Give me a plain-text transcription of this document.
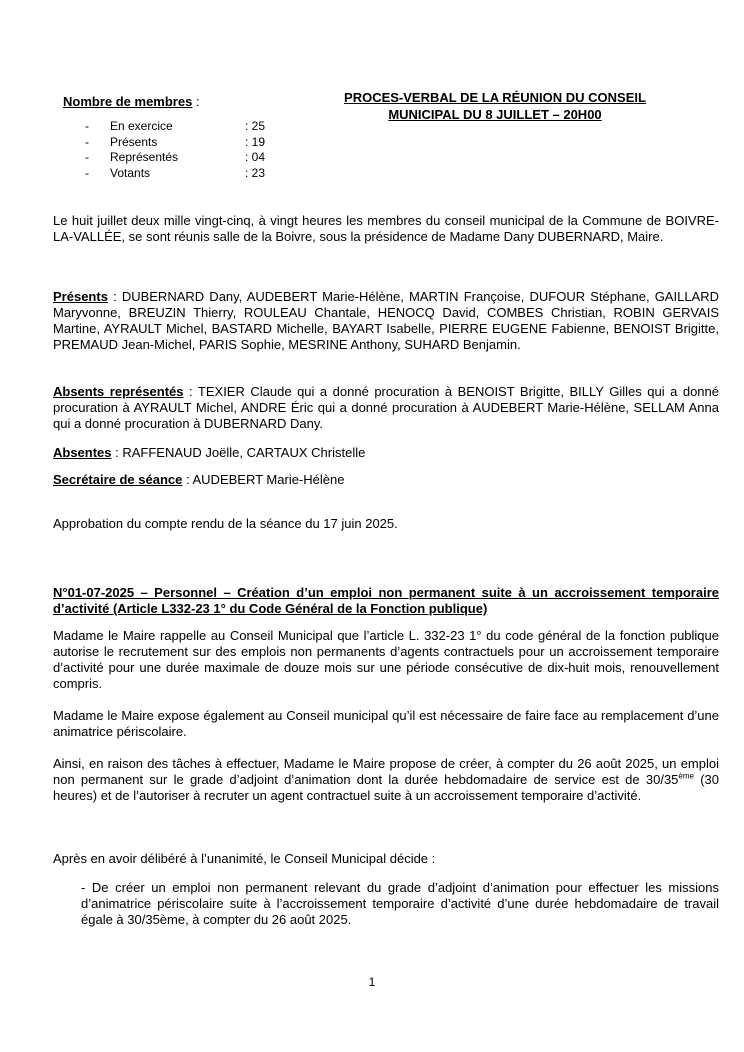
Nombre de membres :
-	En exercice	: 25
-	Présents	: 19
-	Représentés	: 04
-	Votants	: 23
PROCES-VERBAL DE LA RÉUNION DU CONSEIL
MUNICIPAL DU 8 JUILLET – 20H00
Le huit juillet deux mille vingt-cinq, à vingt heures les membres du conseil municipal de la Commune de BOIVRE-LA-VALLÉE, se sont réunis salle de la Boivre, sous la présidence de Madame Dany DUBERNARD, Maire.
Présents : DUBERNARD Dany, AUDEBERT Marie-Hélène, MARTIN Françoise, DUFOUR Stéphane, GAILLARD Maryvonne, BREUZIN Thierry, ROULEAU Chantale, HENOCQ David, COMBES Christian, ROBIN GERVAIS Martine, AYRAULT Michel, BASTARD Michelle, BAYART Isabelle, PIERRE EUGENE Fabienne, BENOIST Brigitte, PREMAUD Jean-Michel, PARIS Sophie, MESRINE Anthony, SUHARD Benjamin.
Absents représentés : TEXIER Claude qui a donné procuration à BENOIST Brigitte, BILLY Gilles qui a donné procuration à AYRAULT Michel, ANDRE Éric qui a donné procuration à AUDEBERT Marie-Hélène, SELLAM Anna qui a donné procuration à DUBERNARD Dany.
Absentes : RAFFENAUD Joëlle, CARTAUX Christelle
Secrétaire de séance : AUDEBERT Marie-Hélène
Approbation du compte rendu de la séance du 17 juin 2025.
N°01-07-2025 – Personnel – Création d’un emploi non permanent suite à un accroissement temporaire d’activité (Article L332-23 1° du Code Général de la Fonction publique)
Madame le Maire rappelle au Conseil Municipal que l’article L. 332-23 1° du code général de la fonction publique autorise le recrutement sur des emplois non permanents d’agents contractuels pour un accroissement temporaire d’activité pour une durée maximale de douze mois sur une période consécutive de dix-huit mois, renouvellement compris.
Madame le Maire expose également au Conseil municipal qu’il est nécessaire de faire face au remplacement d’une animatrice périscolaire.
Ainsi, en raison des tâches à effectuer, Madame le Maire propose de créer, à compter du 26 août 2025, un emploi non permanent sur le grade d’adjoint d’animation dont la durée hebdomadaire de service est de 30/35ème (30 heures) et de l’autoriser à recruter un agent contractuel suite à un accroissement temporaire d’activité.
Après en avoir délibéré à l’unanimité, le Conseil Municipal décide :
- De créer un emploi non permanent relevant du grade d’adjoint d’animation pour effectuer les missions d’animatrice périscolaire suite à l’accroissement temporaire d’activité d’une durée hebdomadaire de travail égale à 30/35ème, à compter du 26 août 2025.
1
